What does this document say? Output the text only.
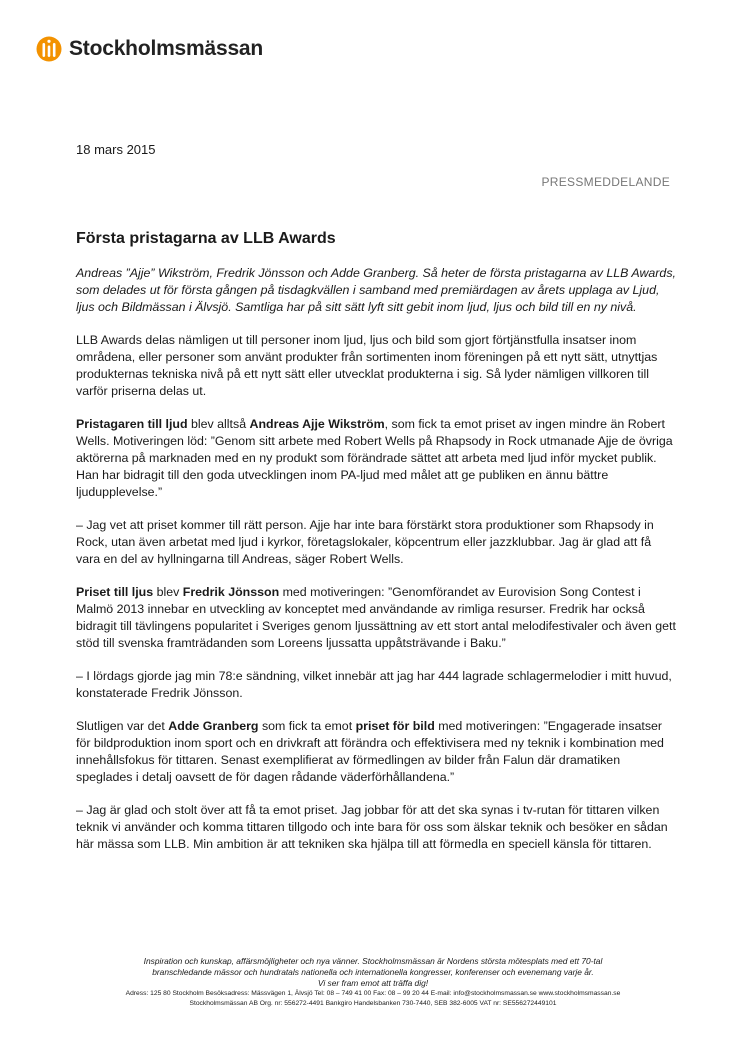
Stockholmsmässan
18 mars 2015
PRESSMEDDELANDE
Första pristagarna av LLB Awards

Andreas ”Ajje” Wikström, Fredrik Jönsson och Adde Granberg. Så heter de första pristagarna av LLB Awards, som delades ut för första gången på tisdagkvällen i samband med premiärdagen av årets upplaga av Ljud, ljus och Bildmässan i Älvsjö. Samtliga har på sitt sätt lyft sitt gebit inom ljud, ljus och bild till en ny nivå.

LLB Awards delas nämligen ut till personer inom ljud, ljus och bild som gjort förtjänstfulla insatser inom områdena, eller personer som använt produkter från sortimenten inom föreningen på ett nytt sätt, utnyttjas produkternas tekniska nivå på ett nytt sätt eller utvecklat produkterna i sig. Så lyder nämligen villkoren till varför priserna delas ut.

Pristagaren till ljud blev alltså Andreas Ajje Wikström, som fick ta emot priset av ingen mindre än Robert Wells. Motiveringen löd: ”Genom sitt arbete med Robert Wells på Rhapsody in Rock utmanade Ajje de övriga aktörerna på marknaden med en ny produkt som förändrade sättet att arbeta med ljud inför mycket publik. Han har bidragit till den goda utvecklingen inom PA-ljud med målet att ge publiken en ännu bättre ljudupplevelse.”

– Jag vet att priset kommer till rätt person. Ajje har inte bara förstärkt stora produktioner som Rhapsody in Rock, utan även arbetat med ljud i kyrkor, företagslokaler, köpcentrum eller jazzklubbar. Jag är glad att få vara en del av hyllningarna till Andreas, säger Robert Wells.

Priset till ljus blev Fredrik Jönsson med motiveringen: ”Genomförandet av Eurovision Song Contest i Malmö 2013 innebar en utveckling av konceptet med användande av rimliga resurser. Fredrik har också bidragit till tävlingens popularitet i Sveriges genom ljussättning av ett stort antal melodifestivaler och även gett stöd till svenska framträdanden som Loreens ljussatta uppåtsträvande i Baku.”

– I lördags gjorde jag min 78:e sändning, vilket innebär att jag har 444 lagrade schlagermelodier i mitt huvud, konstaterade Fredrik Jönsson.

Slutligen var det Adde Granberg som fick ta emot priset för bild med motiveringen: ”Engagerade insatser för bildproduktion inom sport och en drivkraft att förändra och effektivisera med ny teknik i kombination med innehållsfokus för tittaren. Senast exemplifierat av förmedlingen av bilder från Falun där dramatiken speglades i detalj oavsett de för dagen rådande väderförhållandena.”

– Jag är glad och stolt över att få ta emot priset. Jag jobbar för att det ska synas i tv-rutan för tittaren vilken teknik vi använder och komma tittaren tillgodo och inte bara för oss som älskar teknik och besöker en sådan här mässa som LLB. Min ambition är att tekniken ska hjälpa till att förmedla en speciell känsla för tittaren.

Inspiration och kunskap, affärsmöjligheter och nya vänner. Stockholmsmässan är Nordens största mötesplats med ett 70-tal
branschledande mässor och hundratals nationella och internationella kongresser, konferenser och evenemang varje år.
Vi ser fram emot att träffa dig!
Adress: 125 80 Stockholm Besöksadress: Mässvägen 1, Älvsjö Tel: 08 – 749 41 00 Fax: 08 – 99 20 44 E-mail: info@stockholmsmassan.se www.stockholmsmassan.se
Stockholmsmässan AB Org. nr: 556272-4491 Bankgiro Handelsbanken 730-7440, SEB 382-6005 VAT nr: SE556272449101
